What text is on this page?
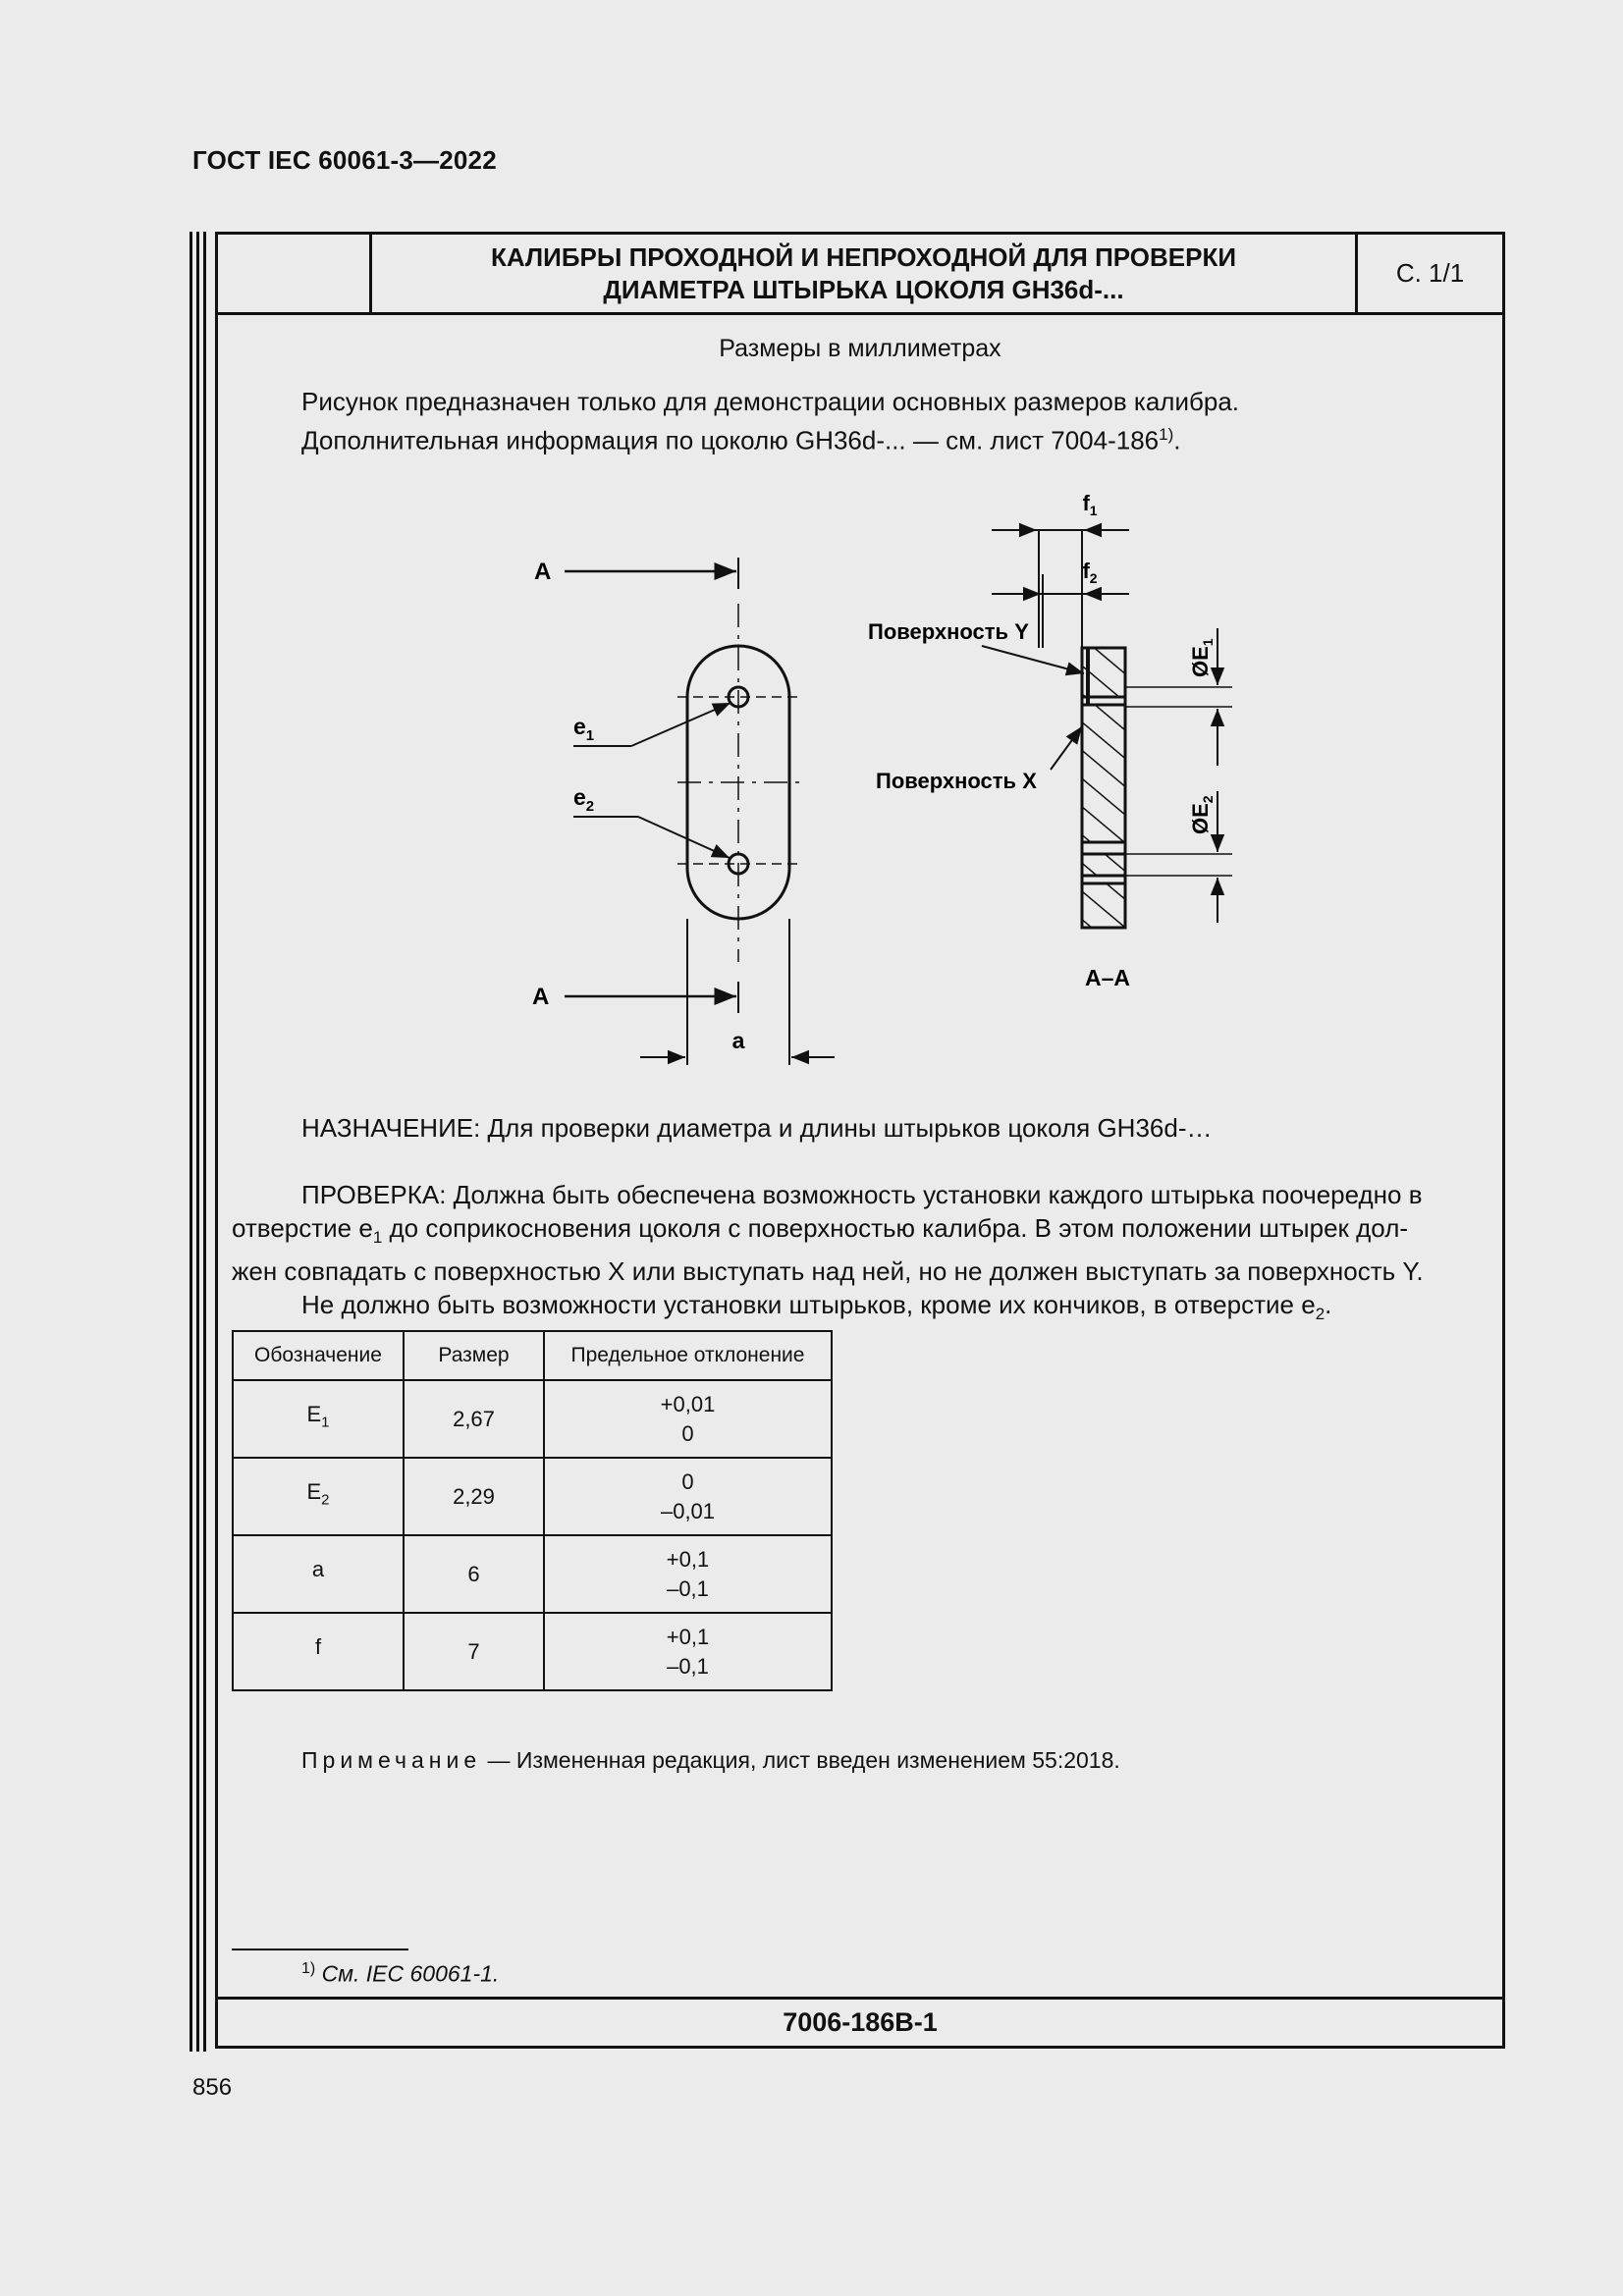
ГОСТ IEC 60061-3—2022
КАЛИБРЫ ПРОХОДНОЙ И НЕПРОХОДНОЙ ДЛЯ ПРОВЕРКИ
ДИАМЕТРА ШТЫРЬКА ЦОКОЛЯ GH36d-...
С. 1/1
Размеры в миллиметрах
Рисунок предназначен только для демонстрации основных размеров калибра.
Дополнительная информация по цоколю GH36d-... — см. лист 7004-186$^{1)}$.
A
$e_1$
$e_2$
A
a
$f_1$
$f_2$
Поверхность Y
Поверхность X
$ØE_1$
$ØE_2$
A–A
НАЗНАЧЕНИЕ: Для проверки диаметра и длины штырьков цоколя GH36d-…
ПРОВЕРКА: Должна быть обеспечена возможность установки каждого штырька поочередно в
отверстие $e_1$ до соприкосновения цоколя с поверхностью калибра. В этом положении штырек дол-
жен совпадать с поверхностью X или выступать над ней, но не должен выступать за поверхность Y.
Не должно быть возможности установки штырьков, кроме их кончиков, в отверстие $e_2$.
Обозначение	Размер	Предельное отклонение
$E_1$	2,67	+0,01
0

$E_2$	2,29	0
–0,01

a	6	+0,1
–0,1

f	7	+0,1
–0,1
Примечание — Измененная редакция, лист введен изменением 55:2018.
$^{1)}$ См. IEC 60061-1.
7006-186B-1
856
